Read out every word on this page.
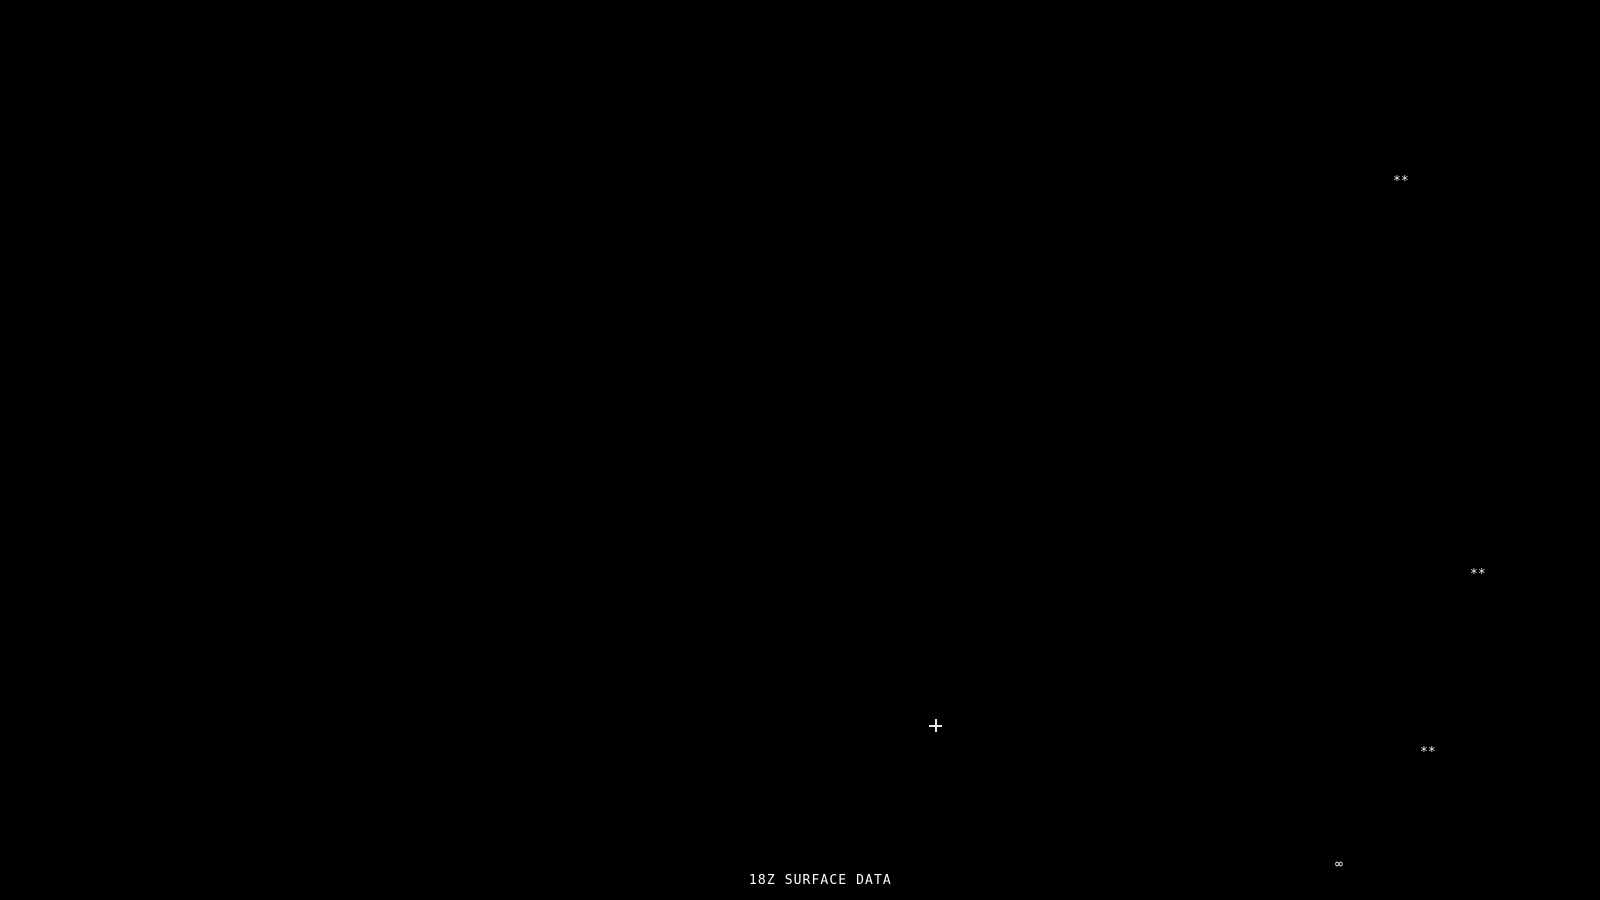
**
**
**
∞
18Z SURFACE DATA
